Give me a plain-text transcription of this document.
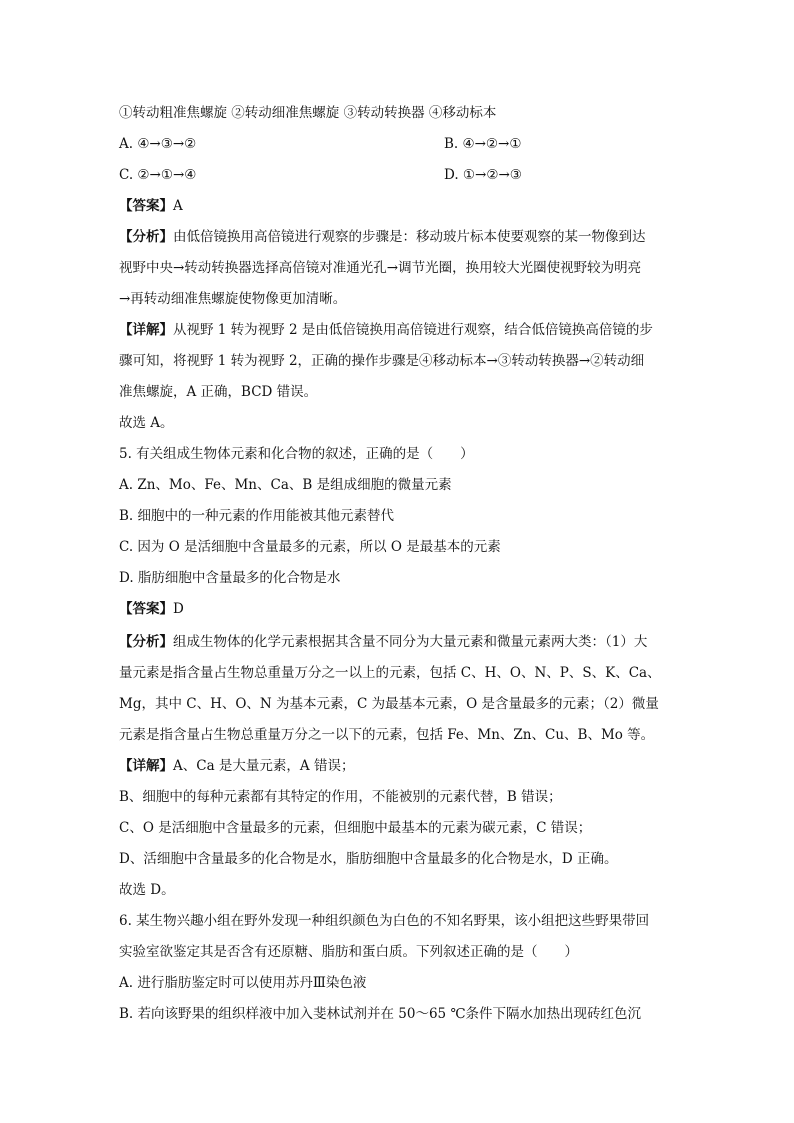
①转动粗准焦螺旋 ②转动细准焦螺旋 ③转动转换器 ④移动标本
A. ④→③→②	B. ④→②→①
C. ②→①→④	D. ①→②→③
【答案】A
【分析】由低倍镜换用高倍镜进行观察的步骤是：移动玻片标本使要观察的某一物像到达
视野中央→转动转换器选择高倍镜对准通光孔→调节光圈，换用较大光圈使视野较为明亮
→再转动细准焦螺旋使物像更加清晰。
【详解】从视野 1 转为视野 2 是由低倍镜换用高倍镜进行观察，结合低倍镜换高倍镜的步
骤可知，将视野 1 转为视野 2，正确的操作步骤是④移动标本→③转动转换器→②转动细
准焦螺旋，A 正确，BCD 错误。
故选 A。
5. 有关组成生物体元素和化合物的叙述，正确的是（　　）
A. Zn、Mo、Fe、Mn、Ca、B 是组成细胞的微量元素
B. 细胞中的一种元素的作用能被其他元素替代
C. 因为 O 是活细胞中含量最多的元素，所以 O 是最基本的元素
D. 脂肪细胞中含量最多的化合物是水
【答案】D
【分析】组成生物体的化学元素根据其含量不同分为大量元素和微量元素两大类：（1）大
量元素是指含量占生物总重量万分之一以上的元素，包括 C、H、O、N、P、S、K、Ca、
Mg，其中 C、H、O、N 为基本元素，C 为最基本元素，O 是含量最多的元素；（2）微量
元素是指含量占生物总重量万分之一以下的元素，包括 Fe、Mn、Zn、Cu、B、Mo 等。
【详解】A、Ca 是大量元素，A 错误；
B、细胞中的每种元素都有其特定的作用，不能被别的元素代替，B 错误；
C、O 是活细胞中含量最多的元素，但细胞中最基本的元素为碳元素，C 错误；
D、活细胞中含量最多的化合物是水，脂肪细胞中含量最多的化合物是水，D 正确。
故选 D。
6. 某生物兴趣小组在野外发现一种组织颜色为白色的不知名野果，该小组把这些野果带回
实验室欲鉴定其是否含有还原糖、脂肪和蛋白质。下列叙述正确的是（　　）
A. 进行脂肪鉴定时可以使用苏丹Ⅲ染色液
B. 若向该野果的组织样液中加入斐林试剂并在 50～65 ℃条件下隔水加热出现砖红色沉
